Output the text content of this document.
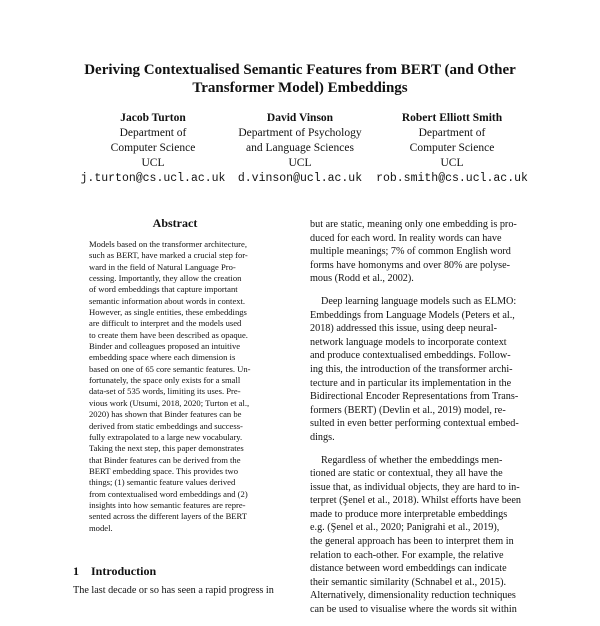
Deriving Contextualised Semantic Features from BERT (and Other
Transformer Model) Embeddings
Jacob Turton
Department of
Computer Science
UCL
j.turton@cs.ucl.ac.uk
David Vinson
Department of Psychology
and Language Sciences
UCL
d.vinson@ucl.ac.uk
Robert Elliott Smith
Department of
Computer Science
UCL
rob.smith@cs.ucl.ac.uk
Abstract
Models based on the transformer architecture,
such as BERT, have marked a crucial step for-
ward in the field of Natural Language Pro-
cessing. Importantly, they allow the creation
of word embeddings that capture important
semantic information about words in context.
However, as single entities, these embeddings
are difficult to interpret and the models used
to create them have been described as opaque.
Binder and colleagues proposed an intuitive
embedding space where each dimension is
based on one of 65 core semantic features. Un-
fortunately, the space only exists for a small
data-set of 535 words, limiting its uses. Pre-
vious work (Utsumi, 2018, 2020; Turton et al.,
2020) has shown that Binder features can be
derived from static embeddings and success-
fully extrapolated to a large new vocabulary.
Taking the next step, this paper demonstrates
that Binder features can be derived from the
BERT embedding space. This provides two
things; (1) semantic feature values derived
from contextualised word embeddings and (2)
insights into how semantic features are repre-
sented across the different layers of the BERT
model.
1 Introduction
The last decade or so has seen a rapid progress in
but are static, meaning only one embedding is pro-
duced for each word. In reality words can have
multiple meanings; 7% of common English word
forms have homonyms and over 80% are polyse-
mous (Rodd et al., 2002).
Deep learning language models such as ELMO:
Embeddings from Language Models (Peters et al.,
2018) addressed this issue, using deep neural-
network language models to incorporate context
and produce contextualised embeddings. Follow-
ing this, the introduction of the transformer archi-
tecture and in particular its implementation in the
Bidirectional Encoder Representations from Trans-
formers (BERT) (Devlin et al., 2019) model, re-
sulted in even better performing contextual embed-
dings.
Regardless of whether the embeddings men-
tioned are static or contextual, they all have the
issue that, as individual objects, they are hard to in-
terpret (Şenel et al., 2018). Whilst efforts have been
made to produce more interpretable embeddings
e.g. (Şenel et al., 2020; Panigrahi et al., 2019),
the general approach has been to interpret them in
relation to each-other. For example, the relative
distance between word embeddings can indicate
their semantic similarity (Schnabel et al., 2015).
Alternatively, dimensionality reduction techniques
can be used to visualise where the words sit within
